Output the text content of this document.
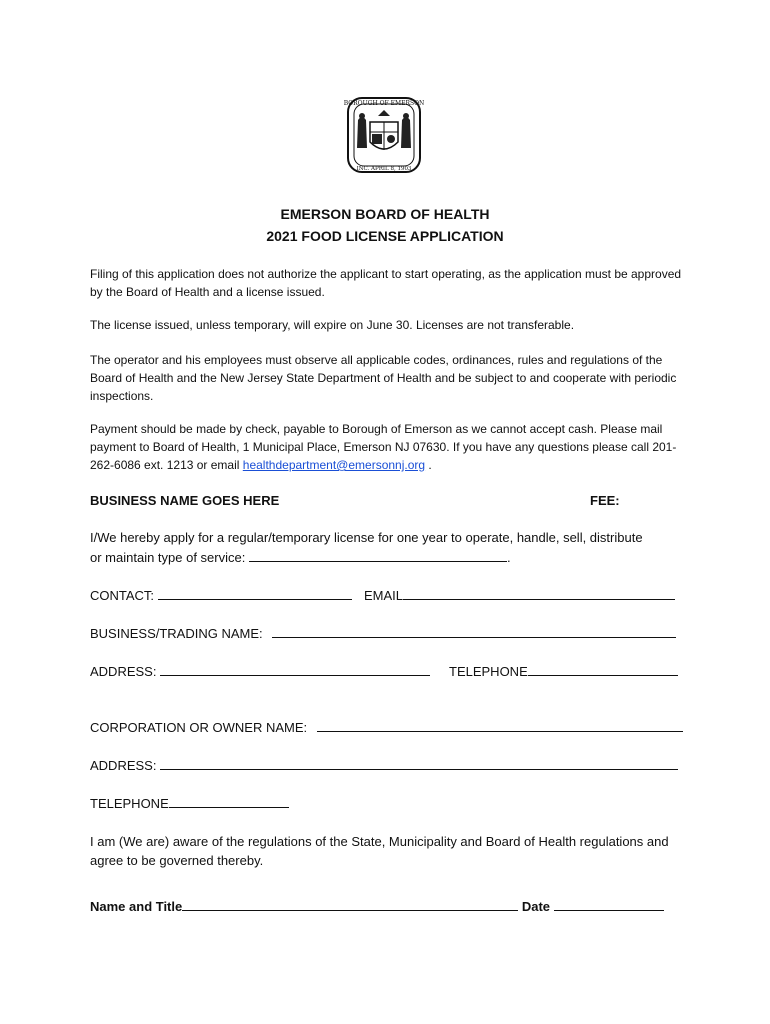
BOROUGH OF EMERSON
INC. APRIL 8, 1903
EMERSON BOARD OF HEALTH
2021 FOOD LICENSE APPLICATION
Filing of this application does not authorize the applicant to start operating, as the application must be approved by the Board of Health and a license issued.
The license issued, unless temporary, will expire on June 30. Licenses are not transferable.
The operator and his employees must observe all applicable codes, ordinances, rules and regulations of the Board of Health and the New Jersey State Department of Health and be subject to and cooperate with periodic inspections.
Payment should be made by check, payable to Borough of Emerson as we cannot accept cash. Please mail payment to Board of Health, 1 Municipal Place, Emerson NJ 07630. If you have any questions please call 201-262-6086 ext. 1213 or email healthdepartment@emersonnj.org .
BUSINESS NAME GOES HERE	FEE:
I/We hereby apply for a regular/temporary license for one year to operate, handle, sell, distribute
or maintain type of service:	.
CONTACT:	EMAIL
BUSINESS/TRADING NAME:
ADDRESS:	TELEPHONE
CORPORATION OR OWNER NAME:
ADDRESS:
TELEPHONE
I am (We are) aware of the regulations of the State, Municipality and Board of Health regulations and agree to be governed thereby.
Name and Title	Date
